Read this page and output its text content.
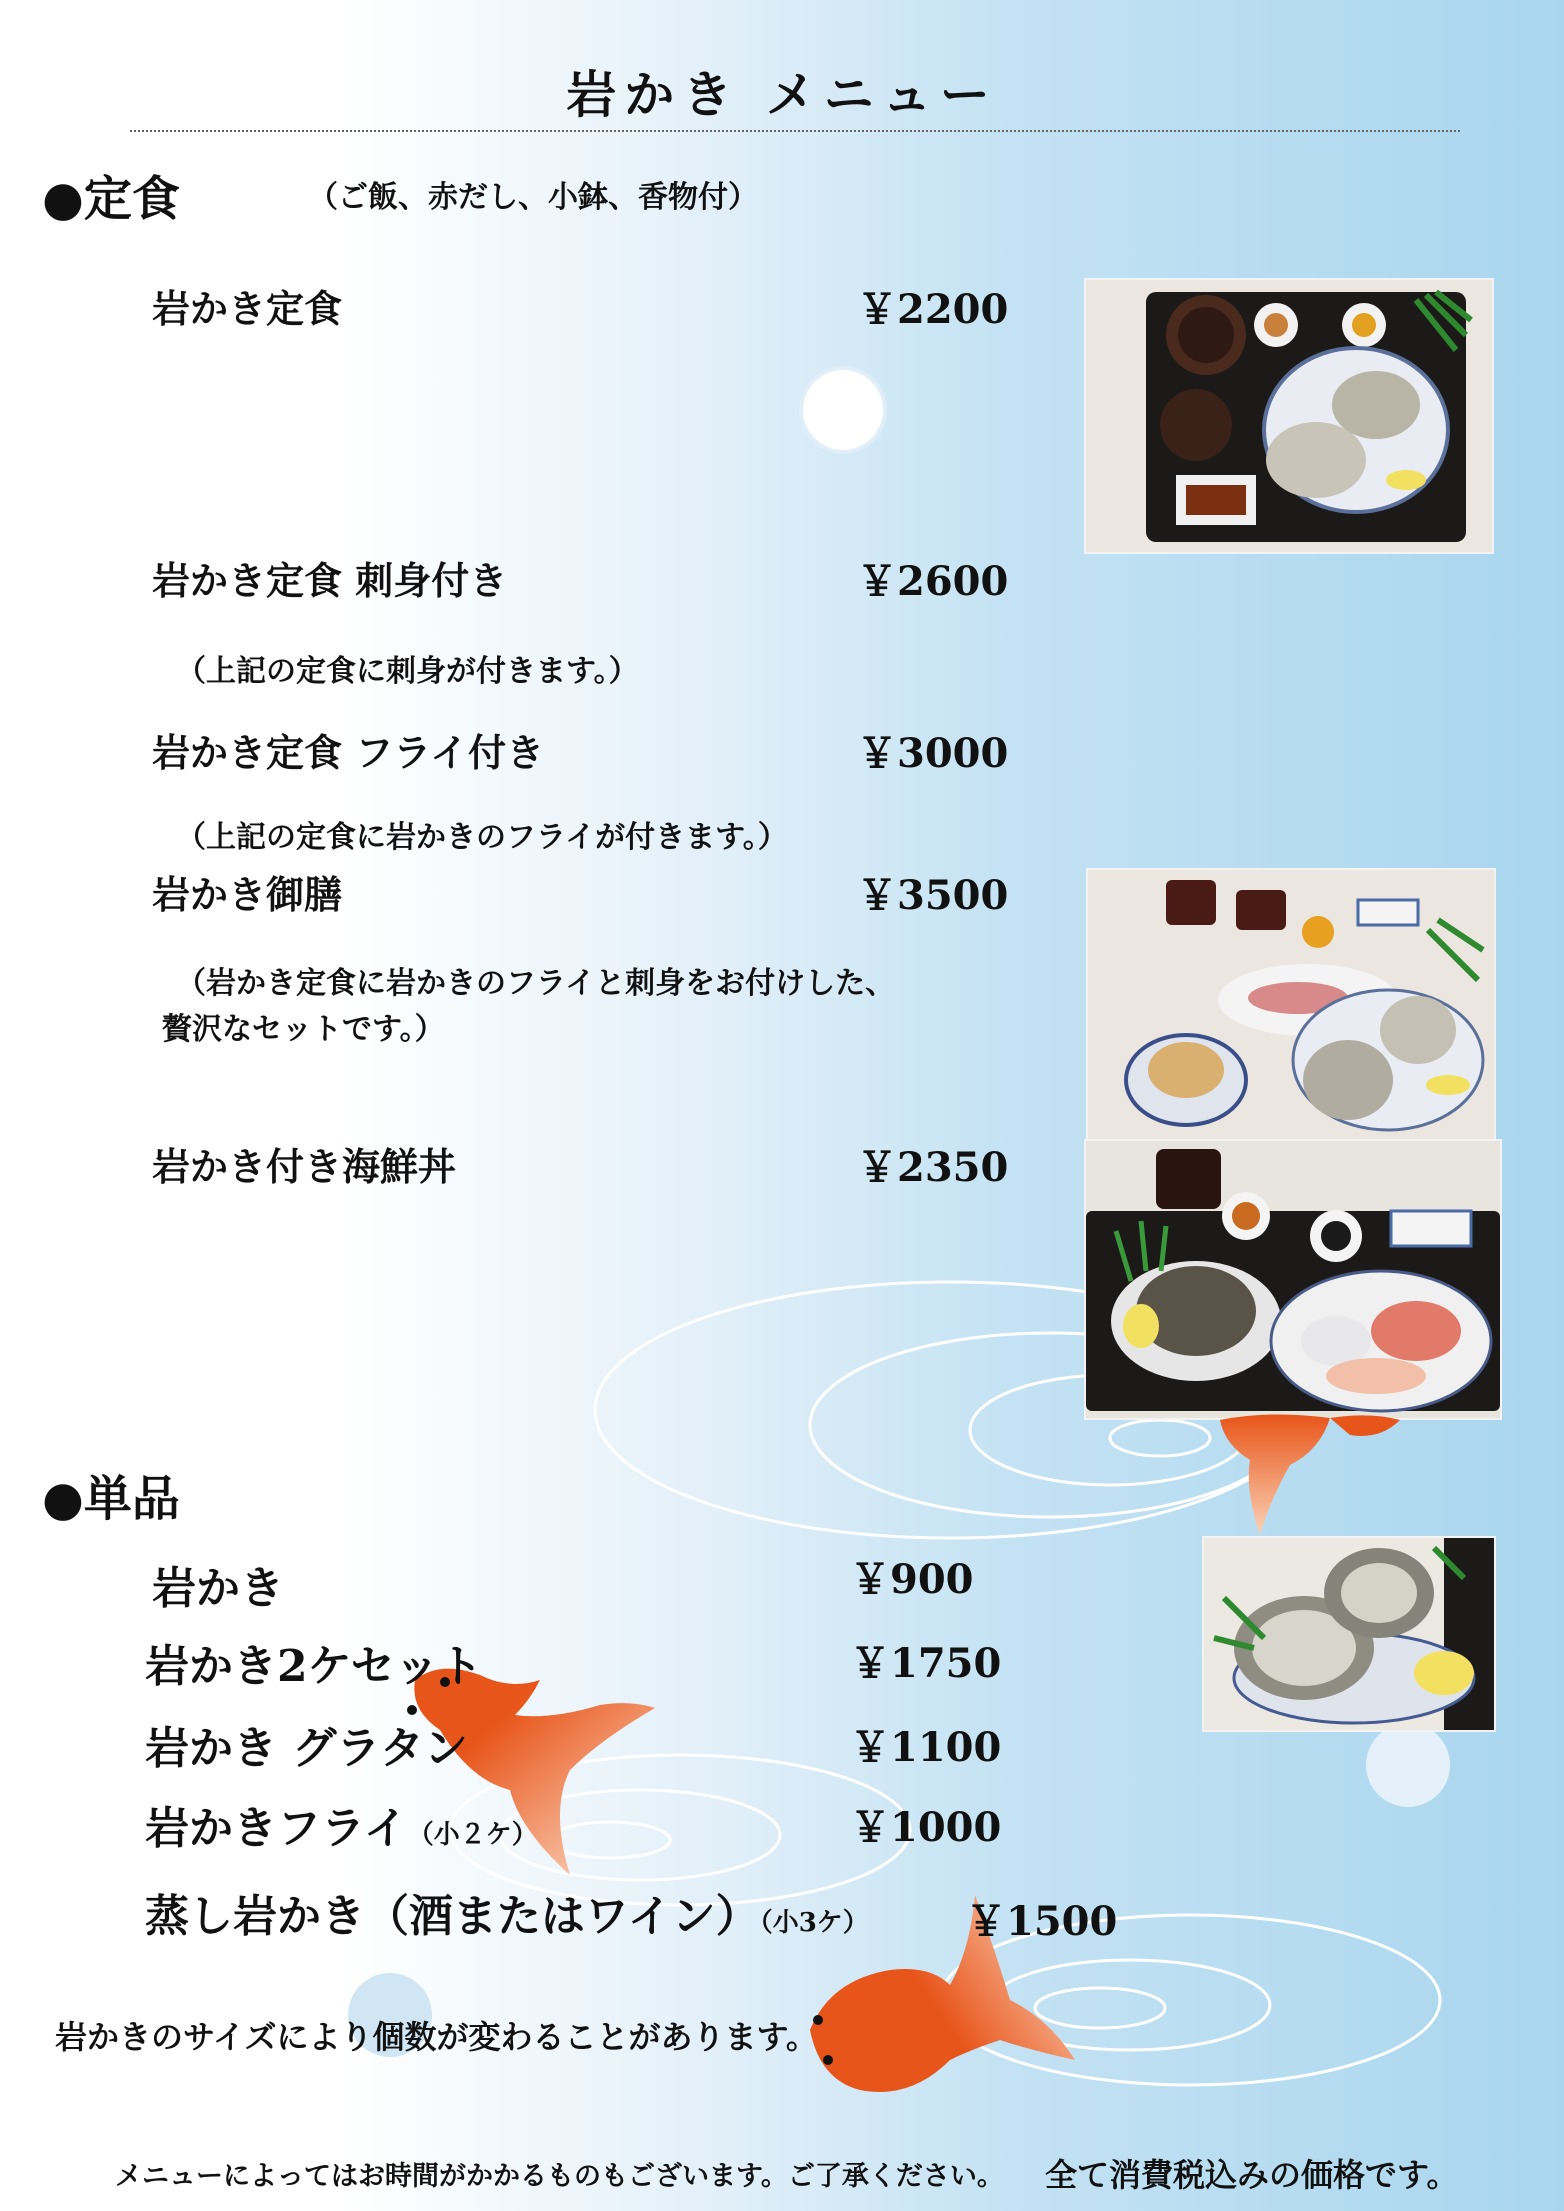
岩かき メニュー
●定食	（ご飯、赤だし、小鉢、香物付）
岩かき定食	￥2200
岩かき定食 刺身付き	￥2600
（上記の定食に刺身が付きます。）
岩かき定食 フライ付き	￥3000
（上記の定食に岩かきのフライが付きます。）
岩かき御膳	￥3500
（岩かき定食に岩かきのフライと刺身をお付けした、
贅沢なセットです。）
岩かき付き海鮮丼	￥2350
●単品
岩かき	￥900
岩かき2ケセット	￥1750
岩かき グラタン	￥1100
岩かきフライ（小２ケ）	￥1000
蒸し岩かき（酒またはワイン）（小3ケ） ￥1500
岩かきのサイズにより個数が変わることがあります。
メニューによってはお時間がかかるものもございます。ご了承ください。 全て消費税込みの価格です。
